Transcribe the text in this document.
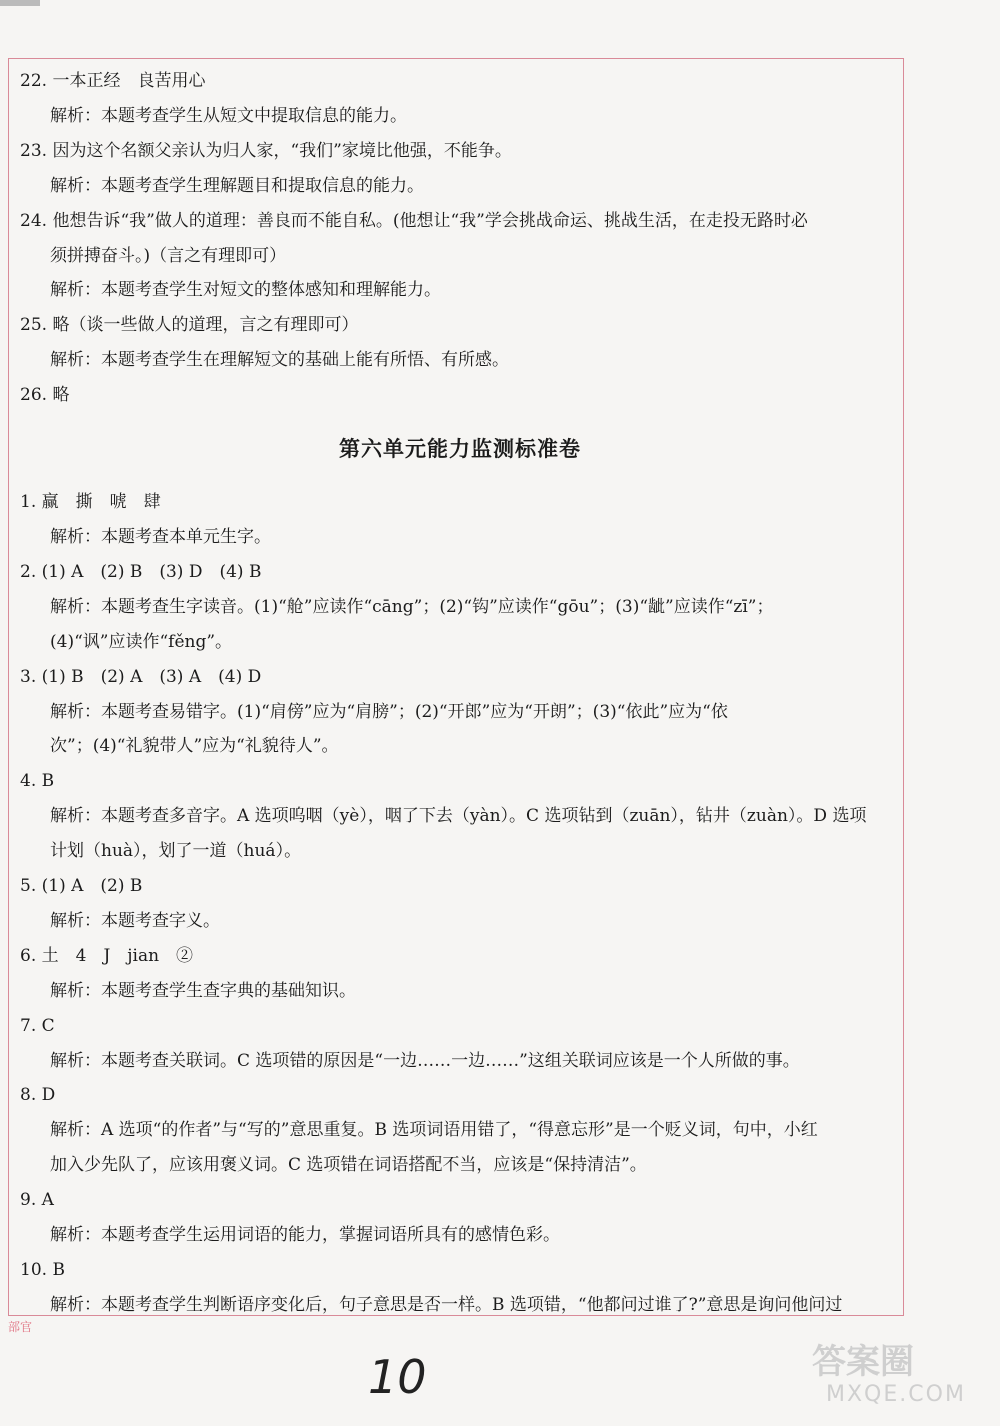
22. 一本正经　良苦用心
解析：本题考查学生从短文中提取信息的能力。
23. 因为这个名额父亲认为归人家，“我们”家境比他强，不能争。
解析：本题考查学生理解题目和提取信息的能力。
24. 他想告诉“我”做人的道理：善良而不能自私。(他想让“我”学会挑战命运、挑战生活，在走投无路时必
须拼搏奋斗。)（言之有理即可）
解析：本题考查学生对短文的整体感知和理解能力。
25. 略（谈一些做人的道理，言之有理即可）
解析：本题考查学生在理解短文的基础上能有所悟、有所感。
26. 略
第六单元能力监测标准卷
1. 赢　撕　唬　肆
解析：本题考查本单元生字。
2. (1) A　(2) B　(3) D　(4) B
解析：本题考查生字读音。(1)“舱”应读作“cāng”；(2)“钩”应读作“gōu”；(3)“龇”应读作“zī”；
(4)“讽”应读作“fěng”。
3. (1) B　(2) A　(3) A　(4) D
解析：本题考查易错字。(1)“肩傍”应为“肩膀”；(2)“开郎”应为“开朗”；(3)“依此”应为“依
次”；(4)“礼貌带人”应为“礼貌待人”。
4. B
解析：本题考查多音字。A 选项呜咽（yè），咽了下去（yàn）。C 选项钻到（zuān），钻井（zuàn）。D 选项
计划（huà），划了一道（huá）。
5. (1) A　(2) B
解析：本题考查字义。
6. 土　4　J　jian　②
解析：本题考查学生查字典的基础知识。
7. C
解析：本题考查关联词。C 选项错的原因是“一边……一边……”这组关联词应该是一个人所做的事。
8. D
解析：A 选项“的作者”与“写的”意思重复。B 选项词语用错了，“得意忘形”是一个贬义词，句中，小红
加入少先队了，应该用褒义词。C 选项错在词语搭配不当，应该是“保持清洁”。
9. A
解析：本题考查学生运用词语的能力，掌握词语所具有的感情色彩。
10. B
解析：本题考查学生判断语序变化后，句子意思是否一样。B 选项错，“他都问过谁了?”意思是询问他问过
部官
10	答案圈
MXQE.COM
